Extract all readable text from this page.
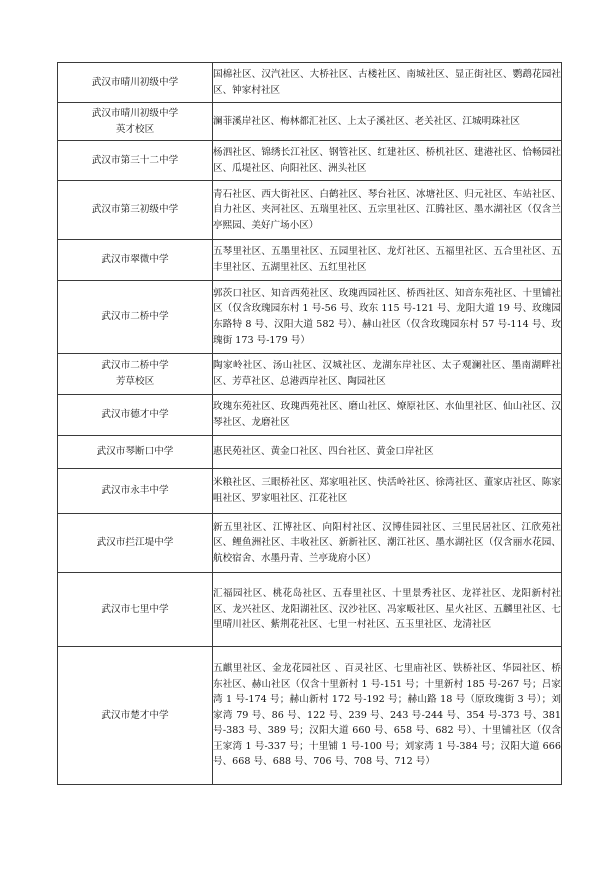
武汉市晴川初级中学	国棉社区、汉汽社区、大桥社区、古楼社区、南城社区、显正街社区、鹦鹉花园社区、钟家村社区

武汉市晴川初级中学
英才校区	澜菲溪岸社区、梅林都汇社区、上太子溪社区、老关社区、江城明珠社区

武汉市第三十二中学	杨泗社区、锦绣长江社区、钢管社区、红建社区、桥机社区、建港社区、恰畅园社区、瓜堤社区、向阳社区、洲头社区

武汉市第三初级中学	青石社区、西大街社区、白鹤社区、琴台社区、冰塘社区、归元社区、车站社区、自力社区、夹河社区、五瑞里社区、五宗里社区、江腾社区、墨水湖社区（仅含兰亭熙园、美好广场小区）

武汉市翠微中学	五琴里社区、五墨里社区、五园里社区、龙灯社区、五福里社区、五合里社区、五丰里社区、五湖里社区、五红里社区

武汉市二桥中学	郭茨口社区、知音西苑社区、玫瑰西园社区、桥西社区、知音东苑社区、十里铺社区（仅含玫瑰园东村 1 号-56 号、玫东 115 号-121 号、龙阳大道 19 号、玫瑰园东路特 8 号、汉阳大道 582 号）、赫山社区（仅含玫瑰园东村 57 号-114 号、玫瑰街 173 号-179 号）

武汉市二桥中学
芳草校区	陶家岭社区、汤山社区、汉城社区、龙湖东岸社区、太子观澜社区、墨南湖畔社区、芳草社区、总港西岸社区、陶园社区

武汉市德才中学	玫瑰东苑社区、玫瑰西苑社区、磨山社区、燎原社区、水仙里社区、仙山社区、汉琴社区、龙磨社区

武汉市琴断口中学	惠民苑社区、黄金口社区、四台社区、黄金口岸社区

武汉市永丰中学	米粮社区、三眼桥社区、郑家咀社区、快活岭社区、徐湾社区、董家店社区、陈家咀社区、罗家咀社区、江花社区

武汉市拦江堤中学	新五里社区、江博社区、向阳村社区、汉博佳园社区、三里民居社区、江欣苑社区、鲤鱼洲社区、丰收社区、新新社区、潮江社区、墨水湖社区（仅含丽水花园、航校宿舍、水墨丹青、兰亭珑府小区）

武汉市七里中学	汇福园社区、桃花岛社区、五春里社区、十里景秀社区、龙祥社区、龙阳新村社区、龙兴社区、龙阳湖社区、汉沙社区、冯家畈社区、星火社区、五麟里社区、七里晴川社区、紫荆花社区、七里一村社区、五玉里社区、龙清社区

武汉市楚才中学	五麒里社区、金龙花园社区 、百灵社区、七里庙社区、铁桥社区、华园社区、桥东社区、赫山社区（仅含十里新村 1 号-151 号；十里新村 185 号-267 号；吕家湾 1 号-174 号；赫山新村 172 号-192 号；赫山路 18 号（原玫瑰街 3 号）；刘家湾 79 号、86 号、122 号、239 号、243 号-244 号、354 号-373 号、381 号-383 号、389 号；汉阳大道 660 号、658 号、682 号）、十里铺社区（仅含王家湾 1 号-337 号；十里铺 1 号-100 号；刘家湾 1 号-384 号；汉阳大道 666 号、668 号、688 号、706 号、708 号、712 号）
